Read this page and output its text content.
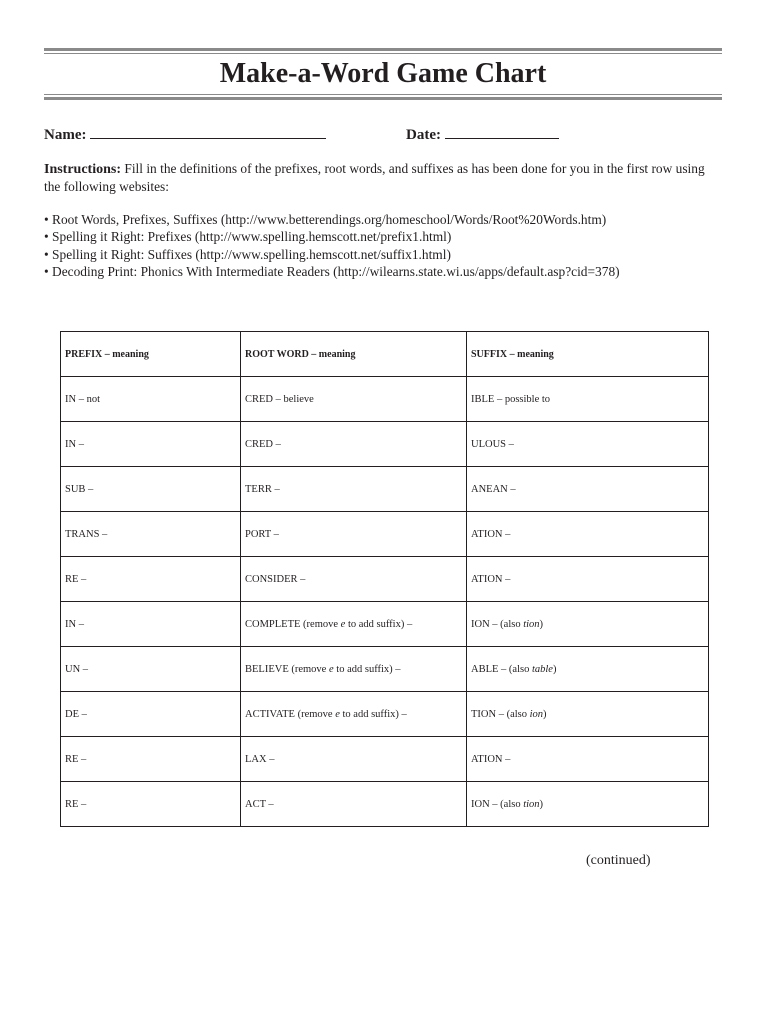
Make-a-Word Game Chart
Name:	Date:

Instructions: Fill in the definitions of the prefixes, root words, and suffixes as has been done for you in the first row using the following websites:

• Root Words, Prefixes, Suffixes (http://www.betterendings.org/homeschool/Words/Root%20Words.htm)
• Spelling it Right: Prefixes (http://www.spelling.hemscott.net/prefix1.html)
• Spelling it Right: Suffixes (http://www.spelling.hemscott.net/suffix1.html)
• Decoding Print: Phonics With Intermediate Readers (http://wilearns.state.wi.us/apps/default.asp?cid=378)
PREFIX – meaning	ROOT WORD – meaning	SUFFIX – meaning
IN – not	CRED – believe	IBLE – possible to
IN –	CRED –	ULOUS –
SUB –	TERR –	ANEAN –
TRANS –	PORT –	ATION –
RE –	CONSIDER –	ATION –
IN –	COMPLETE (remove e to add suffix) –	ION – (also tion)
UN –	BELIEVE (remove e to add suffix) –	ABLE – (also table)
DE –	ACTIVATE (remove e to add suffix) –	TION – (also ion)
RE –	LAX –	ATION –
RE –	ACT –	ION – (also tion)

(continued)
